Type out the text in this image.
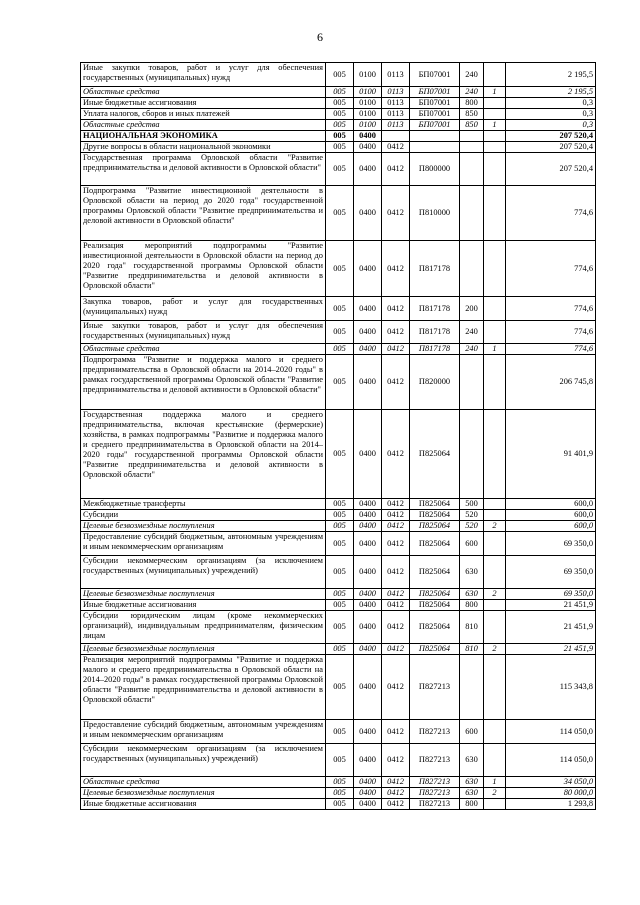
6
Иные закупки товаров, работ и услуг для обеспечения государственных (муниципальных) нужд	005	0100	0113	БП07001	240		2 195,5
Областные средства	005	0100	0113	БП07001	240	1	2 195,5
Иные бюджетные ассигнования	005	0100	0113	БП07001	800		0,3
Уплата налогов, сборов и иных платежей	005	0100	0113	БП07001	850		0,3
Областные средства	005	0100	0113	БП07001	850	1	0,3
НАЦИОНАЛЬНАЯ ЭКОНОМИКА	005	0400					207 520,4
Другие вопросы в области национальной экономики	005	0400	0412				207 520,4
Государственная программа Орловской области "Развитие предпринимательства и деловой активности в Орловской области"	005	0400	0412	П800000			207 520,4
Подпрограмма "Развитие инвестиционной деятельности в Орловской области на период до 2020 года" государственной программы Орловской области "Развитие предпринимательства и деловой активности в Орловской области"	005	0400	0412	П810000			774,6
Реализация мероприятий подпрограммы "Развитие инвестиционной деятельности в Орловской области на период до 2020 года" государственной программы Орловской области "Развитие предпринимательства и деловой активности в Орловской области"	005	0400	0412	П817178			774,6
Закупка товаров, работ и услуг для государственных (муниципальных) нужд	005	0400	0412	П817178	200		774,6
Иные закупки товаров, работ и услуг для обеспечения государственных (муниципальных) нужд	005	0400	0412	П817178	240		774,6
Областные средства	005	0400	0412	П817178	240	1	774,6
Подпрограмма "Развитие и поддержка малого и среднего предпринимательства в Орловской области на 2014–2020 годы" в рамках государственной программы Орловской области "Развитие предпринимательства и деловой активности в Орловской области"	005	0400	0412	П820000			206 745,8
Государственная поддержка малого и среднего предпринимательства, включая крестьянские (фермерские) хозяйства, в рамках подпрограммы "Развитие и поддержка малого и среднего предпринимательства в Орловской области на 2014–2020 годы" государственной программы Орловской области "Развитие предпринимательства и деловой активности в Орловской области"	005	0400	0412	П825064			91 401,9
Межбюджетные трансферты	005	0400	0412	П825064	500		600,0
Субсидии	005	0400	0412	П825064	520		600,0
Целевые безвозмездные поступления	005	0400	0412	П825064	520	2	600,0
Предоставление субсидий бюджетным, автономным учреждениям и иным некоммерческим организациям	005	0400	0412	П825064	600		69 350,0
Субсидии некоммерческим организациям (за исключением государственных (муниципальных) учреждений)	005	0400	0412	П825064	630		69 350,0
Целевые безвозмездные поступления	005	0400	0412	П825064	630	2	69 350,0
Иные бюджетные ассигнования	005	0400	0412	П825064	800		21 451,9
Субсидии юридическим лицам (кроме некоммерческих организаций), индивидуальным предпринимателям, физическим лицам	005	0400	0412	П825064	810		21 451,9
Целевые безвозмездные поступления	005	0400	0412	П825064	810	2	21 451,9
Реализация мероприятий подпрограммы "Развитие и поддержка малого и среднего предпринимательства в Орловской области на 2014–2020 годы" в рамках государственной программы Орловской области "Развитие предпринимательства и деловой активности в Орловской области"	005	0400	0412	П827213			115 343,8
Предоставление субсидий бюджетным, автономным учреждениям и иным некоммерческим организациям	005	0400	0412	П827213	600		114 050,0
Субсидии некоммерческим организациям (за исключением государственных (муниципальных) учреждений)	005	0400	0412	П827213	630		114 050,0
Областные средства	005	0400	0412	П827213	630	1	34 050,0
Целевые безвозмездные поступления	005	0400	0412	П827213	630	2	80 000,0
Иные бюджетные ассигнования	005	0400	0412	П827213	800		1 293,8
